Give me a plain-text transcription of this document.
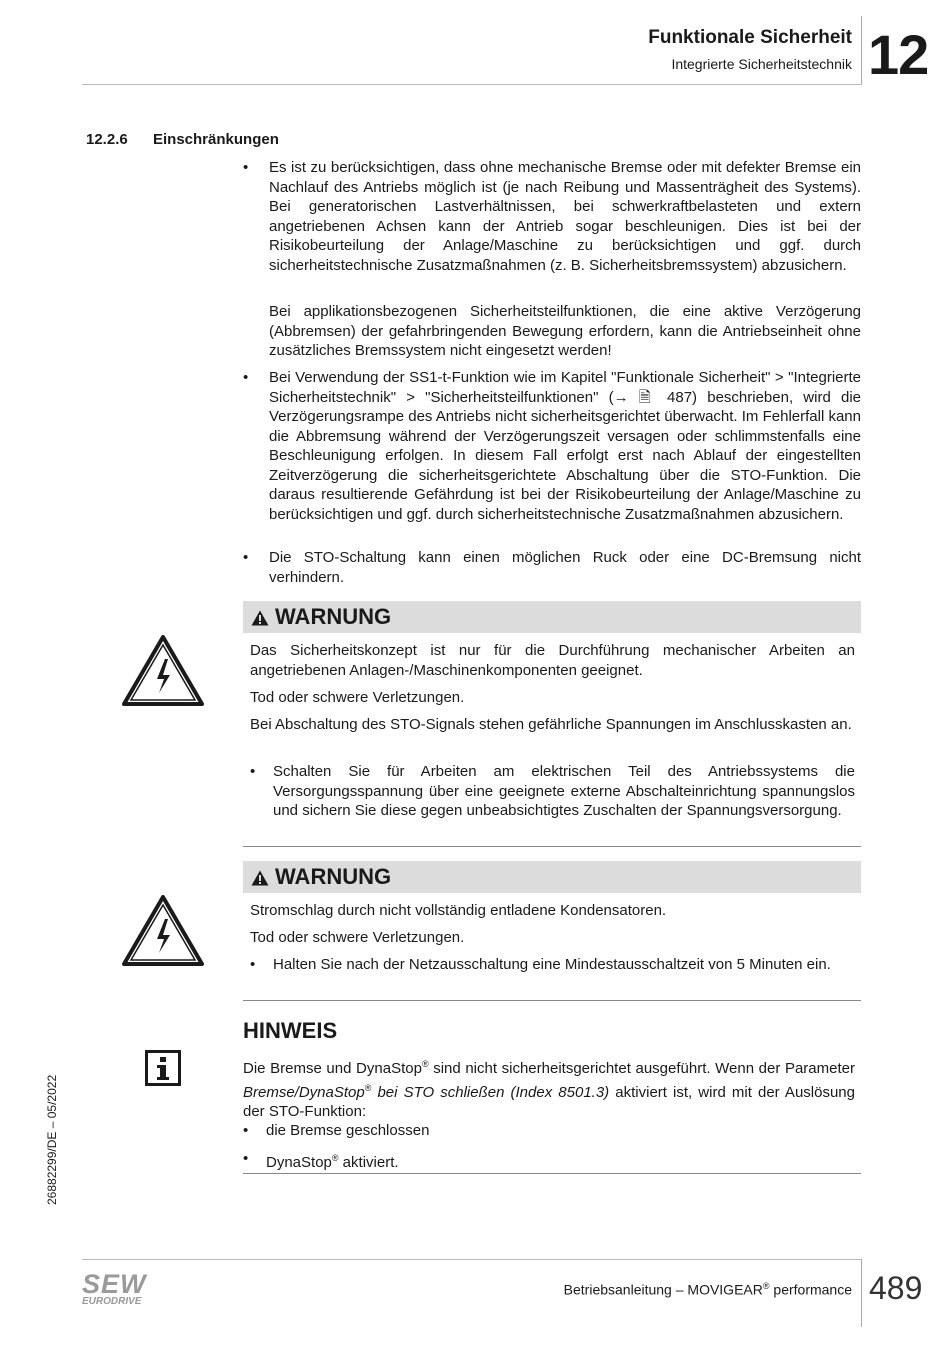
Funktionale Sicherheit
Integrierte Sicherheitstechnik 12
12.2.6 Einschränkungen
• Es ist zu berücksichtigen, dass ohne mechanische Bremse oder mit defekter Bremse ein Nachlauf des Antriebs möglich ist (je nach Reibung und Massenträgheit des Systems). Bei generatorischen Lastverhältnissen, bei schwerkraftbelasteten und extern angetriebenen Achsen kann der Antrieb sogar beschleunigen. Dies ist bei der Risikobeurteilung der Anlage/Maschine zu berücksichtigen und ggf. durch sicherheitstechnische Zusatzmaßnahmen (z. B. Sicherheitsbremssystem) abzusichern.
Bei applikationsbezogenen Sicherheitsteilfunktionen, die eine aktive Verzögerung (Abbremsen) der gefahrbringenden Bewegung erfordern, kann die Antriebseinheit ohne zusätzliches Bremssystem nicht eingesetzt werden!
• Bei Verwendung der SS1-t-Funktion wie im Kapitel "Funktionale Sicherheit" > "Integrierte Sicherheitstechnik" > "Sicherheitsteilfunktionen" (→ 🗎 487) beschrieben, wird die Verzögerungsrampe des Antriebs nicht sicherheitsgerichtet überwacht. Im Fehlerfall kann die Abbremsung während der Verzögerungszeit versagen oder schlimmstenfalls eine Beschleunigung erfolgen. In diesem Fall erfolgt erst nach Ablauf der eingestellten Zeitverzögerung die sicherheitsgerichtete Abschaltung über die STO-Funktion. Die daraus resultierende Gefährdung ist bei der Risikobeurteilung der Anlage/Maschine zu berücksichtigen und ggf. durch sicherheitstechnische Zusatzmaßnahmen abzusichern.
• Die STO-Schaltung kann einen möglichen Ruck oder eine DC-Bremsung nicht verhindern.
WARNUNG
Das Sicherheitskonzept ist nur für die Durchführung mechanischer Arbeiten an angetriebenen Anlagen-/Maschinenkomponenten geeignet.
Tod oder schwere Verletzungen.
Bei Abschaltung des STO-Signals stehen gefährliche Spannungen im Anschlusskasten an.
• Schalten Sie für Arbeiten am elektrischen Teil des Antriebssystems die Versorgungsspannung über eine geeignete externe Abschalteinrichtung spannungslos und sichern Sie diese gegen unbeabsichtigtes Zuschalten der Spannungsversorgung.
WARNUNG
Stromschlag durch nicht vollständig entladene Kondensatoren.
Tod oder schwere Verletzungen.
• Halten Sie nach der Netzausschaltung eine Mindestausschaltzeit von 5 Minuten ein.
HINWEIS
Die Bremse und DynaStop® sind nicht sicherheitsgerichtet ausgeführt. Wenn der Parameter Bremse/DynaStop® bei STO schließen (Index 8501.3) aktiviert ist, wird mit der Auslösung der STO-Funktion:
• die Bremse geschlossen
• DynaStop® aktiviert.
26882299/DE – 05/2022
SEW
EURODRIVE
Betriebsanleitung – MOVIGEAR® performance 489
